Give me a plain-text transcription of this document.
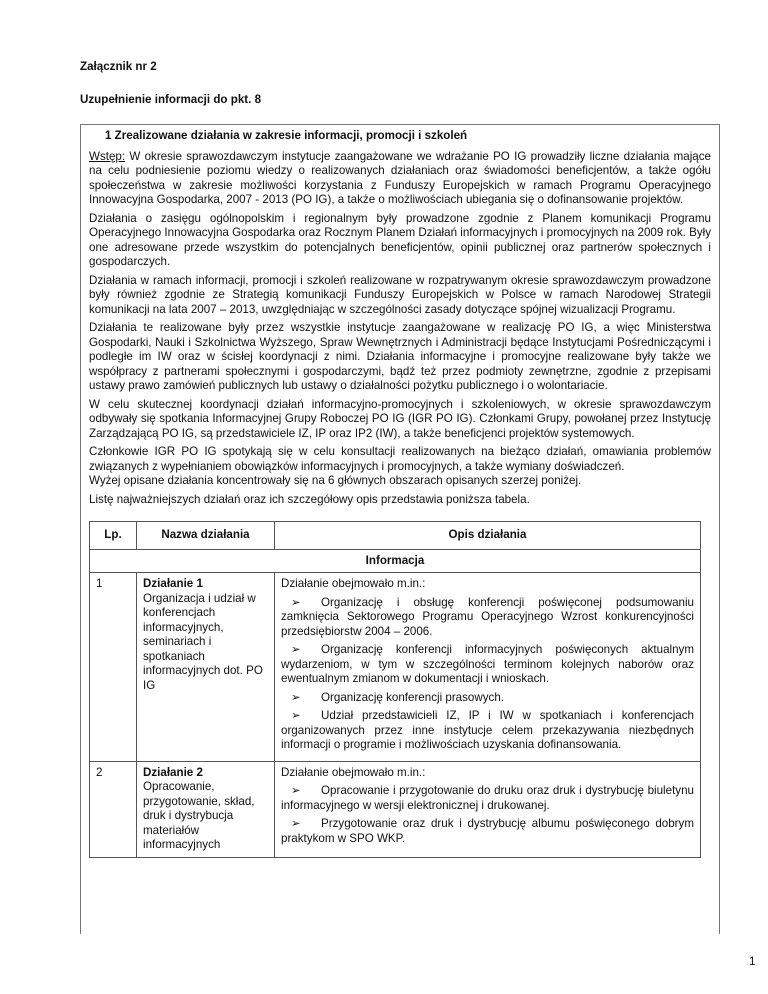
Załącznik nr 2
Uzupełnienie informacji do pkt. 8
1 Zrealizowane działania w zakresie informacji, promocji i szkoleń

Wstęp: W okresie sprawozdawczym instytucje zaangażowane we wdrażanie PO IG prowadziły liczne działania mające na celu podniesienie poziomu wiedzy o realizowanych działaniach oraz świadomości beneficjentów, a także ogółu społeczeństwa w zakresie możliwości korzystania z Funduszy Europejskich w ramach Programu Operacyjnego Innowacyjna Gospodarka, 2007 - 2013 (PO IG), a także o możliwościach ubiegania się o dofinansowanie projektów.

Działania o zasięgu ogólnopolskim i regionalnym były prowadzone zgodnie z Planem komunikacji Programu Operacyjnego Innowacyjna Gospodarka oraz Rocznym Planem Działań informacyjnych i promocyjnych na 2009 rok. Były one adresowane przede wszystkim do potencjalnych beneficjentów, opinii publicznej oraz partnerów społecznych i gospodarczych.

Działania w ramach informacji, promocji i szkoleń realizowane w rozpatrywanym okresie sprawozdawczym prowadzone były również zgodnie ze Strategią komunikacji Funduszy Europejskich w Polsce w ramach Narodowej Strategii komunikacji na lata 2007 – 2013, uwzględniając w szczególności zasady dotyczące spójnej wizualizacji Programu.

Działania te realizowane były przez wszystkie instytucje zaangażowane w realizację PO IG, a więc Ministerstwa Gospodarki, Nauki i Szkolnictwa Wyższego, Spraw Wewnętrznych i Administracji będące Instytucjami Pośredniczącymi i podległe im IW oraz w ścisłej koordynacji z nimi. Działania informacyjne i promocyjne realizowane były także we współpracy z partnerami społecznymi i gospodarczymi, bądź też przez podmioty zewnętrzne, zgodnie z przepisami ustawy prawo zamówień publicznych lub ustawy o działalności pożytku publicznego i o wolontariacie.

W celu skutecznej koordynacji działań informacyjno-promocyjnych i szkoleniowych, w okresie sprawozdawczym odbywały się spotkania Informacyjnej Grupy Roboczej PO IG (IGR PO IG). Członkami Grupy, powołanej przez Instytucję Zarządzającą PO IG, są przedstawiciele IZ, IP oraz IP2 (IW), a także beneficjenci projektów systemowych.

Członkowie IGR PO IG spotykają się w celu konsultacji realizowanych na bieżąco działań, omawiania problemów związanych z wypełnianiem obowiązków informacyjnych i promocyjnych, a także wymiany doświadczeń.

Wyżej opisane działania koncentrowały się na 6 głównych obszarach opisanych szerzej poniżej.

Listę najważniejszych działań oraz ich szczegółowy opis przedstawia poniższa tabela.

Lp.	Nazwa działania	Opis działania
Informacja		
1	Działanie 1 Organizacja i udział w konferencjach informacyjnych, seminariach i spotkaniach informacyjnych dot. PO IG	Działanie obejmowało m.in.:

➢ Organizację i obsługę konferencji poświęconej podsumowaniu zamknięcia Sektorowego Programu Operacyjnego Wzrost konkurencyjności przedsiębiorstw 2004 – 2006.

➢ Organizację konferencji informacyjnych poświęconych aktualnym wydarzeniom, w tym w szczególności terminom kolejnych naborów oraz ewentualnym zmianom w dokumentacji i wnioskach.

➢ Organizację konferencji prasowych.

➢ Udział przedstawicieli IZ, IP i IW w spotkaniach i konferencjach organizowanych przez inne instytucje celem przekazywania niezbędnych informacji o programie i możliwościach uzyskania dofinansowania.

2	Działanie 2 Opracowanie, przygotowanie, skład, druk i dystrybucja materiałów informacyjnych	Działanie obejmowało m.in.:

➢ Opracowanie i przygotowanie do druku oraz druk i dystrybucję biuletynu informacyjnego w wersji elektronicznej i drukowanej.

➢ Przygotowanie oraz druk i dystrybucję albumu poświęconego dobrym praktykom w SPO WKP.

1
